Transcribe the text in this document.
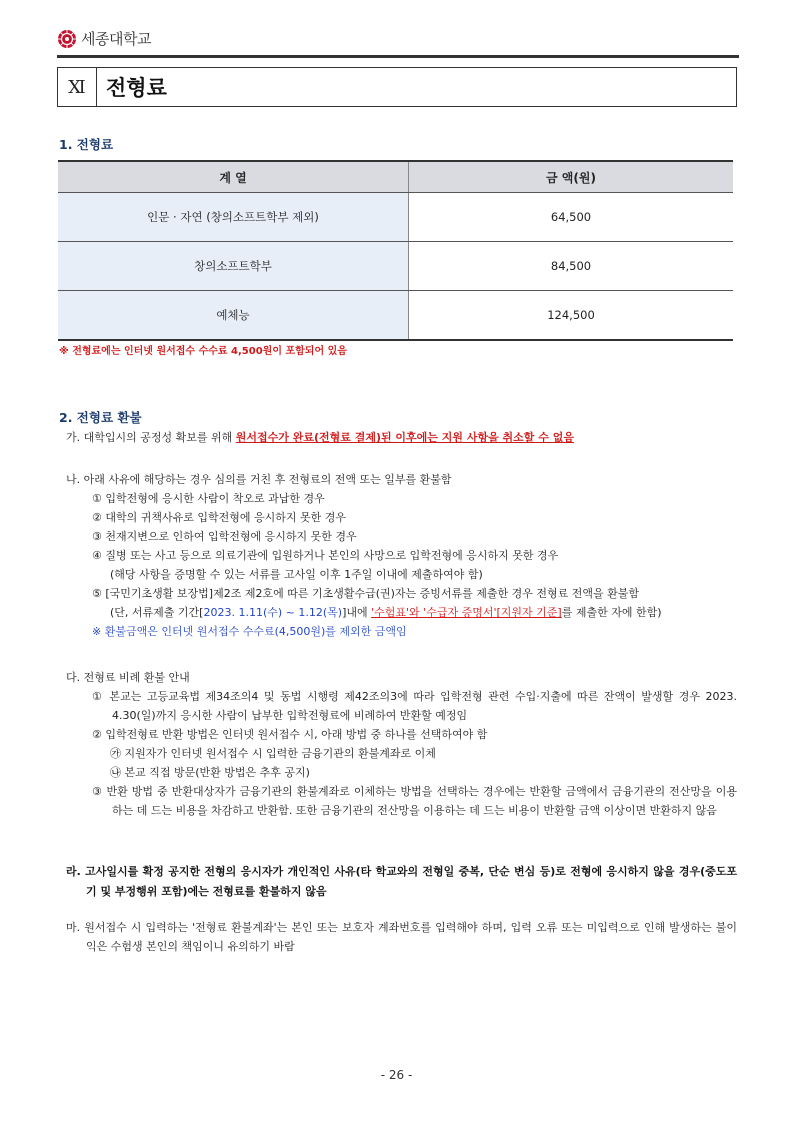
세종대학교
Ⅺ 전형료
1. 전형료
계 열	금 액(원)
인문 · 자연 (창의소프트학부 제외)	64,500
창의소프트학부	84,500
예체능	124,500
※ 전형료에는 인터넷 원서접수 수수료 4,500원이 포함되어 있음
2. 전형료 환불
가. 대학입시의 공정성 확보를 위해 원서접수가 완료(전형료 결제)된 이후에는 지원 사항을 취소할 수 없음
나. 아래 사유에 해당하는 경우 심의를 거친 후 전형료의 전액 또는 일부를 환불함
① 입학전형에 응시한 사람이 착오로 과납한 경우
② 대학의 귀책사유로 입학전형에 응시하지 못한 경우
③ 천재지변으로 인하여 입학전형에 응시하지 못한 경우
④ 질병 또는 사고 등으로 의료기관에 입원하거나 본인의 사망으로 입학전형에 응시하지 못한 경우
(해당 사항을 증명할 수 있는 서류를 고사일 이후 1주일 이내에 제출하여야 함)
⑤ [국민기초생활 보장법]제2조 제2호에 따른 기초생활수급(권)자는 증빙서류를 제출한 경우 전형료 전액을 환불함
(단, 서류제출 기간[2023. 1.11(수) ~ 1.12(목)]내에 '수험표'와 '수급자 증명서'[지원자 기준]를 제출한 자에 한함)
※ 환불금액은 인터넷 원서접수 수수료(4,500원)를 제외한 금액임
다. 전형료 비례 환불 안내
① 본교는 고등교육법 제34조의4 및 동법 시행령 제42조의3에 따라 입학전형 관련 수입·지출에 따른 잔액이 발생할 경우 2023. 4.30(일)까지 응시한 사람이 납부한 입학전형료에 비례하여 반환할 예정임
② 입학전형료 반환 방법은 인터넷 원서접수 시, 아래 방법 중 하나를 선택하여야 함
㉮ 지원자가 인터넷 원서접수 시 입력한 금융기관의 환불계좌로 이체
㉯ 본교 직접 방문(반환 방법은 추후 공지)
③ 반환 방법 중 반환대상자가 금융기관의 환불계좌로 이체하는 방법을 선택하는 경우에는 반환할 금액에서 금융기관의 전산망을 이용하는 데 드는 비용을 차감하고 반환함. 또한 금융기관의 전산망을 이용하는 데 드는 비용이 반환할 금액 이상이면 반환하지 않음
라. 고사일시를 확정 공지한 전형의 응시자가 개인적인 사유(타 학교와의 전형일 중복, 단순 변심 등)로 전형에 응시하지 않을 경우(중도포기 및 부정행위 포함)에는 전형료를 환불하지 않음
마. 원서접수 시 입력하는 '전형료 환불계좌'는 본인 또는 보호자 계좌번호를 입력해야 하며, 입력 오류 또는 미입력으로 인해 발생하는 불이익은 수험생 본인의 책임이니 유의하기 바람
- 26 -
